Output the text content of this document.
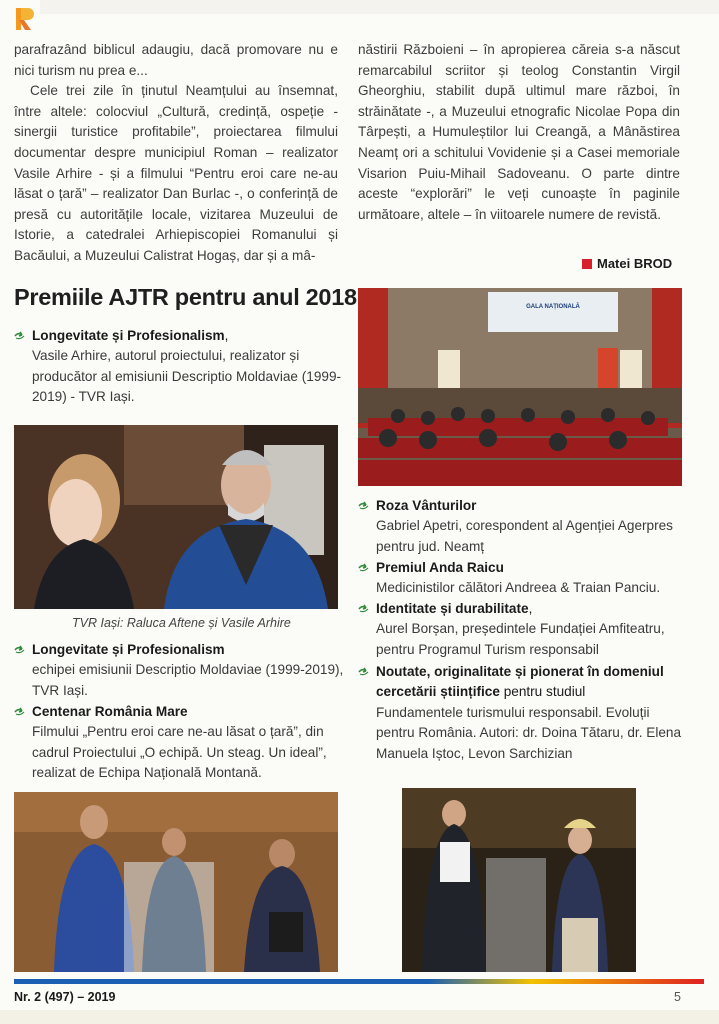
parafrazând biblicul adaugiu, dacă promovare nu e nici turism nu prea e...

Cele trei zile în ținutul Neamțului au însemnat, între altele: colocviul „Cultură, credință, ospeție - sinergii turistice profitabile”, proiectarea filmului documentar despre municipiul Roman – realizator Vasile Arhire - și a filmului “Pentru eroi care ne-au lăsat o țară” – realizator Dan Burlac -, o conferință de presă cu autoritățile locale, vizitarea Muzeului de Istorie, a catedralei Arhiepiscopiei Romanului și Bacăului, a Muzeului Calistrat Hogaș, dar și a mâ-

năstirii Războieni – în apropierea căreia s-a născut remarcabilul scriitor și teolog Constantin Virgil Gheorghiu, stabilit după ultimul mare război, în străinătate -, a Muzeului etnografic Nicolae Popa din Târpești, a Humuleștilor lui Creangă, a Mânăstirea Neamț ori a schitului Vovidenie și a Casei memoriale Visarion Puiu-Mihail Sadoveanu. O parte dintre aceste “explorări” le veți cunoaște în paginile următoare, altele – în viitoarele numere de revistă.

Matei BROD
Premiile AJTR pentru anul 2018
Longevitate și Profesionalism,
Vasile Arhire, autorul proiectului, realizator și producător al emisiunii Descriptio Moldaviae (1999-2019) - TVR Iași.
TVR Iași: Raluca Aftene și Vasile Arhire
Longevitate și Profesionalism
echipei emisiunii Descriptio Moldaviae (1999-2019), TVR Iași.
Centenar România Mare
Filmului „Pentru eroi care ne-au lăsat o țară”, din cadrul Proiectului „O echipă. Un steag. Un ideal”, realizat de Echipa Națională Montană.
GALA NAȚIONALĂ
Roza Vânturilor
Gabriel Apetri, corespondent al Agenției Agerpres pentru jud. Neamț
Premiul Anda Raicu
Medicinistilor călători Andreea & Traian Panciu.
Identitate și durabilitate,
Aurel Borșan, președintele Fundației Amfiteatru, pentru Programul Turism responsabil
Noutate, originalitate și pionerat în domeniul cercetării științifice pentru studiul
Fundamentele turismului responsabil. Evoluții pentru România. Autori: dr. Doina Tătaru, dr. Elena Manuela Iștoc, Levon Sarchizian
Nr. 2 (497) – 2019	5
